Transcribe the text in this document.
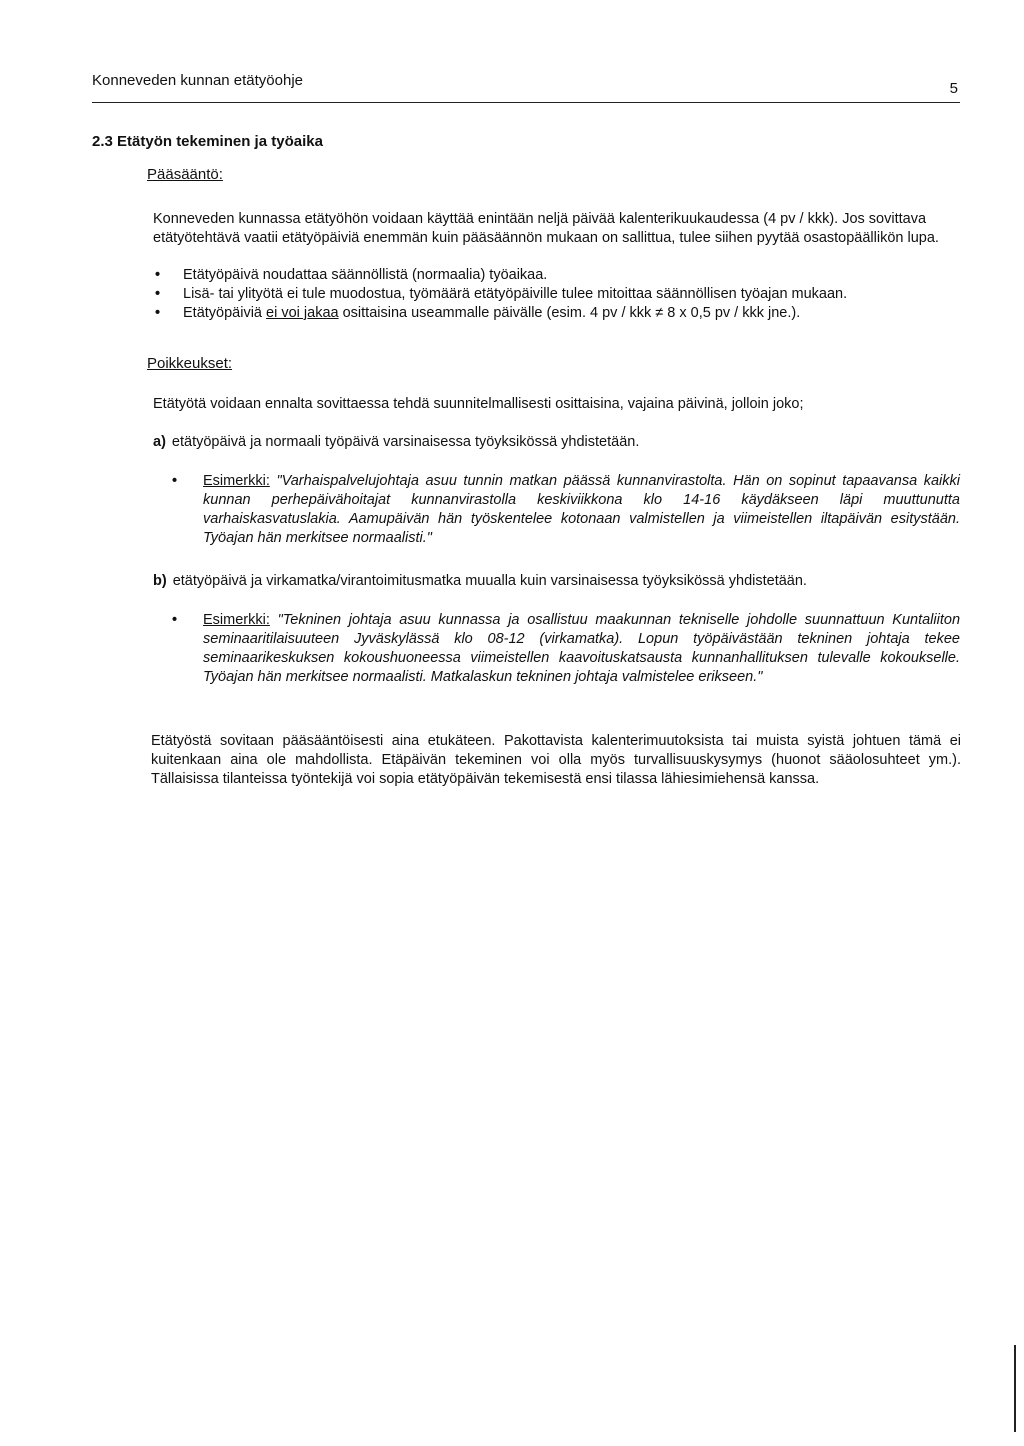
Konneveden kunnan etätyöohje	5
2.3 Etätyön tekeminen ja työaika
Pääsääntö:
Konneveden kunnassa etätyöhön voidaan käyttää enintään neljä päivää kalenterikuukaudessa (4 pv / kkk). Jos sovittava etätyötehtävä vaatii etätyöpäiviä enemmän kuin pääsäännön mukaan on sallittua, tulee siihen pyytää osastopäällikön lupa.
• Etätyöpäivä noudattaa säännöllistä (normaalia) työaikaa.
• Lisä- tai ylityötä ei tule muodostua, työmäärä etätyöpäiville tulee mitoittaa säännöllisen työajan mukaan.
• Etätyöpäiviä ei voi jakaa osittaisina useammalle päivälle (esim. 4 pv / kkk ≠ 8 x 0,5 pv / kkk jne.).
Poikkeukset:
Etätyötä voidaan ennalta sovittaessa tehdä suunnitelmallisesti osittaisina, vajaina päivinä, jolloin joko;
a) etätyöpäivä ja normaali työpäivä varsinaisessa työyksikössä yhdistetään.
•	Esimerkki: "Varhaispalvelujohtaja asuu tunnin matkan päässä kunnanvirastolta. Hän on sopinut tapaavansa kaikki kunnan perhepäivähoitajat kunnanvirastolla keskiviikkona klo 14-16 käydäkseen läpi muuttunutta varhaiskasvatuslakia. Aamupäivän hän työskentelee kotonaan valmistellen ja viimeistellen iltapäivän esitystään. Työajan hän merkitsee normaalisti."
b) etätyöpäivä ja virkamatka/virantoimitusmatka muualla kuin varsinaisessa työyksikössä yhdistetään.
•	Esimerkki: "Tekninen johtaja asuu kunnassa ja osallistuu maakunnan tekniselle johdolle suunnattuun Kuntaliiton seminaaritilaisuuteen Jyväskylässä klo 08-12 (virkamatka). Lopun työpäivästään tekninen johtaja tekee seminaarikeskuksen kokoushuoneessa viimeistellen kaavoituskatsausta kunnanhallituksen tulevalle kokoukselle. Työajan hän merkitsee normaalisti. Matkalaskun tekninen johtaja valmistelee erikseen."
Etätyöstä sovitaan pääsääntöisesti aina etukäteen. Pakottavista kalenterimuutoksista tai muista syistä johtuen tämä ei kuitenkaan aina ole mahdollista. Etäpäivän tekeminen voi olla myös turvallisuuskysymys (huonot sääolosuhteet ym.). Tällaisissa tilanteissa työntekijä voi sopia etätyöpäivän tekemisestä ensi tilassa lähiesimiehensä kanssa.
